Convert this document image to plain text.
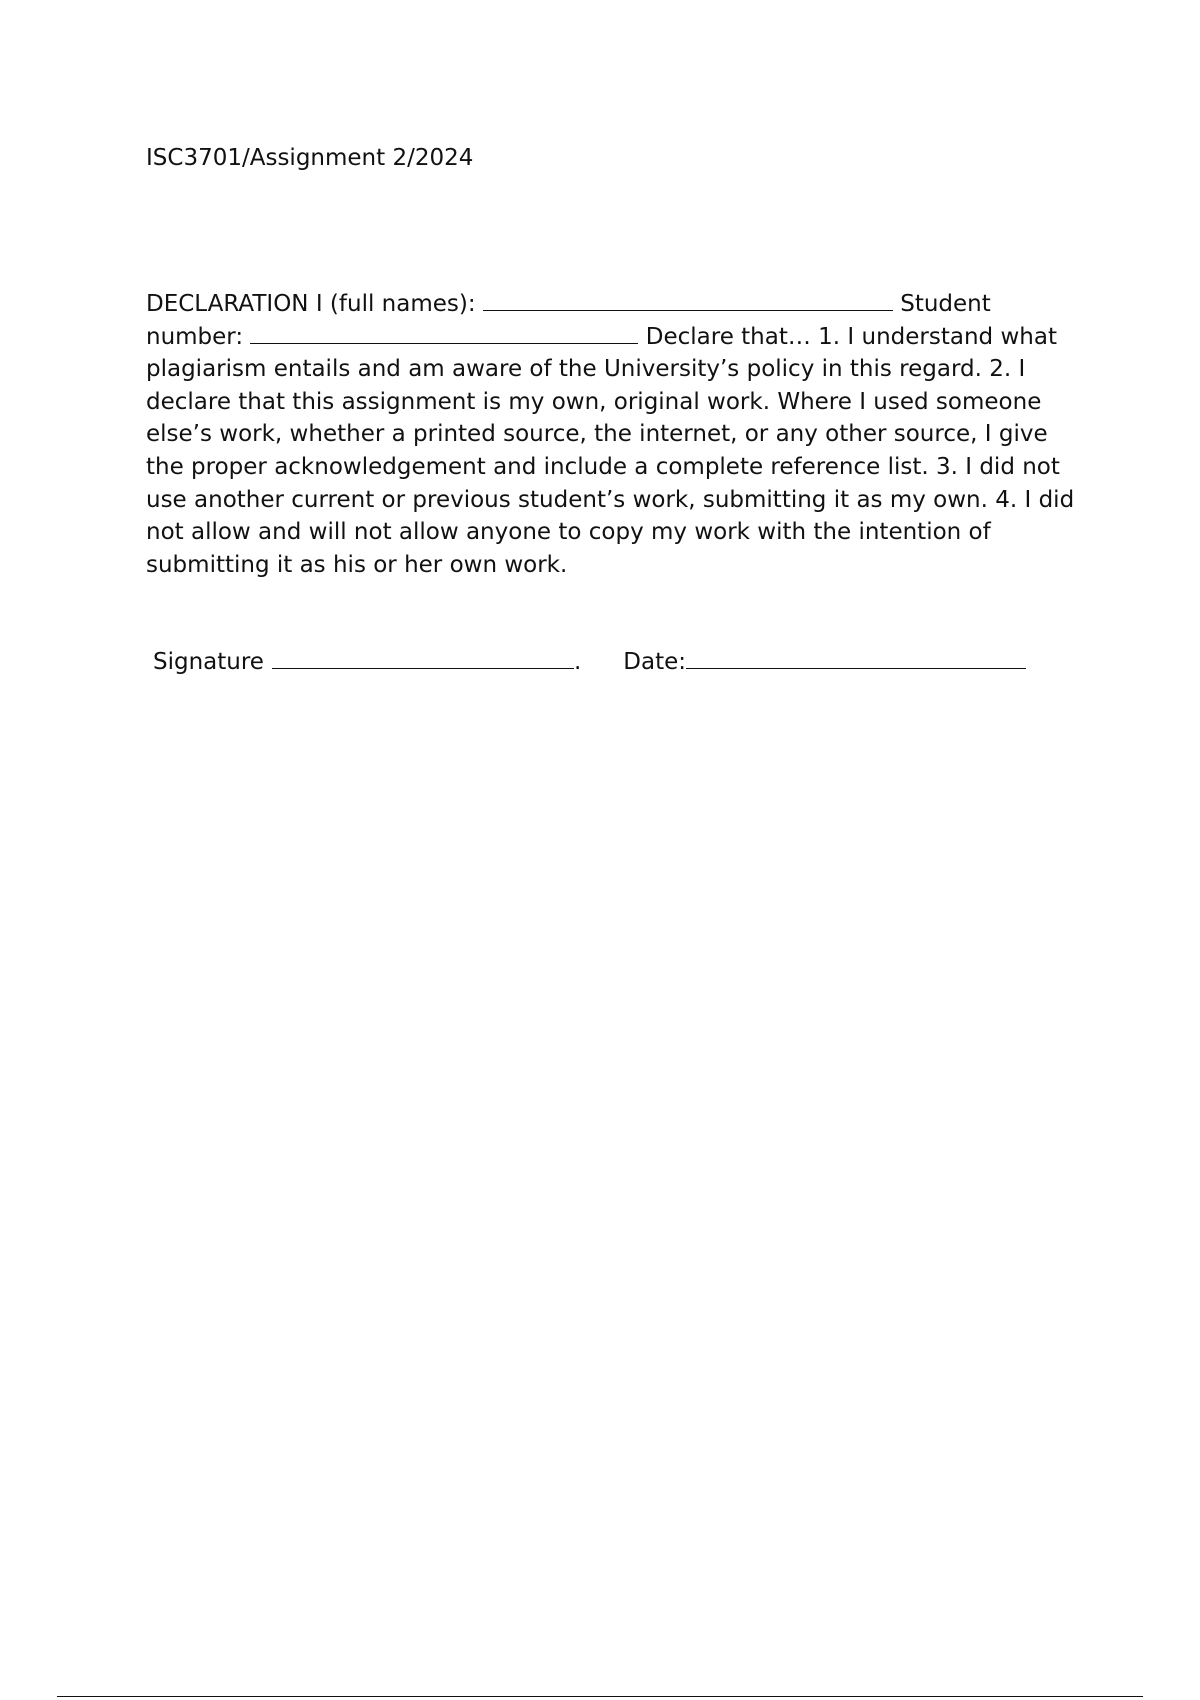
ISC3701/Assignment 2/2024

DECLARATION I (full names):	Student number:	Declare that… 1. I understand what plagiarism entails and am aware of the University’s policy in this regard. 2. I declare that this assignment is my own, original work. Where I used someone else’s work, whether a printed source, the internet, or any other source, I give the proper acknowledgement and include a complete reference list. 3. I did not use another current or previous student’s work, submitting it as my own. 4. I did not allow and will not allow anyone to copy my work with the intention of submitting it as his or her own work.

Signature	. Date:
